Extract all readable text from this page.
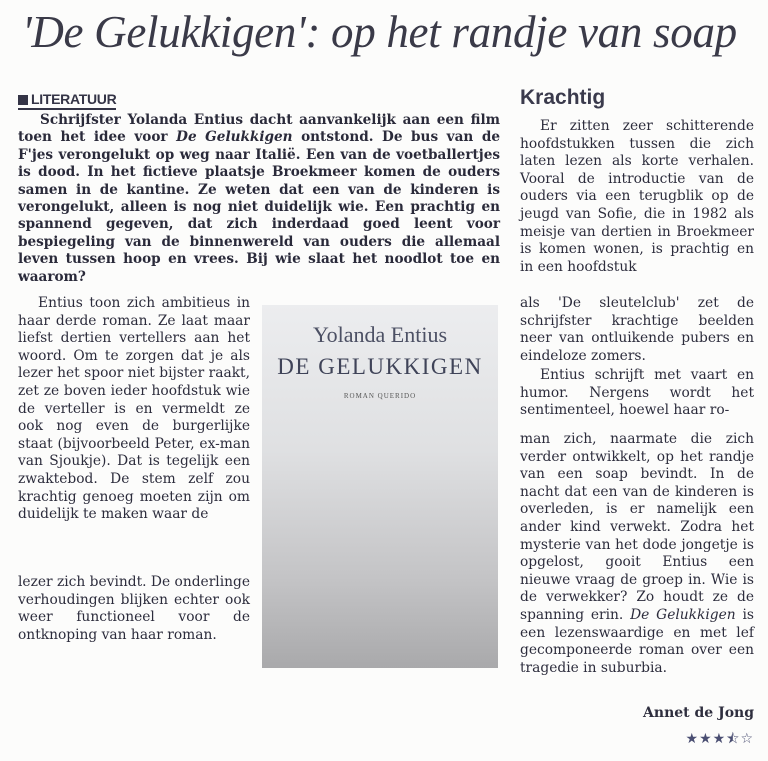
'De Gelukkigen': op het randje van soap
LITERATUUR

Schrijfster Yolanda Entius dacht aanvankelijk aan een film toen het idee voor De Gelukkigen ontstond. De bus van de F'jes verongelukt op weg naar Italië. Een van de voetballertjes is dood. In het fictieve plaatsje Broekmeer komen de ouders samen in de kantine. Ze weten dat een van de kinderen is verongelukt, alleen is nog niet duidelijk wie. Een prachtig en spannend gegeven, dat zich inderdaad goed leent voor bespiegeling van de binnenwereld van ouders die allemaal leven tussen hoop en vrees. Bij wie slaat het noodlot toe en waarom?

Entius toon zich ambitieus in haar derde roman. Ze laat maar liefst dertien vertellers aan het woord. Om te zorgen dat je als lezer het spoor niet bijster raakt, zet ze boven ieder hoofdstuk wie de verteller is en vermeldt ze ook nog even de burgerlijke staat (bijvoorbeeld Peter, ex-man van Sjoukje). Dat is tegelijk een zwaktebod. De stem zelf zou krachtig genoeg moeten zijn om duidelijk te maken waar de

lezer zich bevindt. De onderlinge verhoudingen blijken echter ook weer functioneel voor de ontknoping van haar roman.

Yolanda Entius
DE GELUKKIGEN
ROMAN QUERIDO
Krachtig

Er zitten zeer schitterende hoofdstukken tussen die zich laten lezen als korte verhalen. Vooral de introductie van de ouders via een terugblik op de jeugd van Sofie, die in 1982 als meisje van dertien in Broekmeer is komen wonen, is prachtig en in een hoofdstuk

als 'De sleutelclub' zet de schrijfster krachtige beelden neer van ontluikende pubers en eindeloze zomers.

Entius schrijft met vaart en humor. Nergens wordt het sentimenteel, hoewel haar ro-

man zich, naarmate die zich verder ontwikkelt, op het randje van een soap bevindt. In de nacht dat een van de kinderen is overleden, is er namelijk een ander kind verwekt. Zodra het mysterie van het dode jongetje is opgelost, gooit Entius een nieuwe vraag de groep in. Wie is de verwekker? Zo houdt ze de spanning erin. De Gelukkigen is een lezenswaardige en met lef gecomponeerde roman over een tragedie in suburbia.

Annet de Jong
★★★⯪☆
